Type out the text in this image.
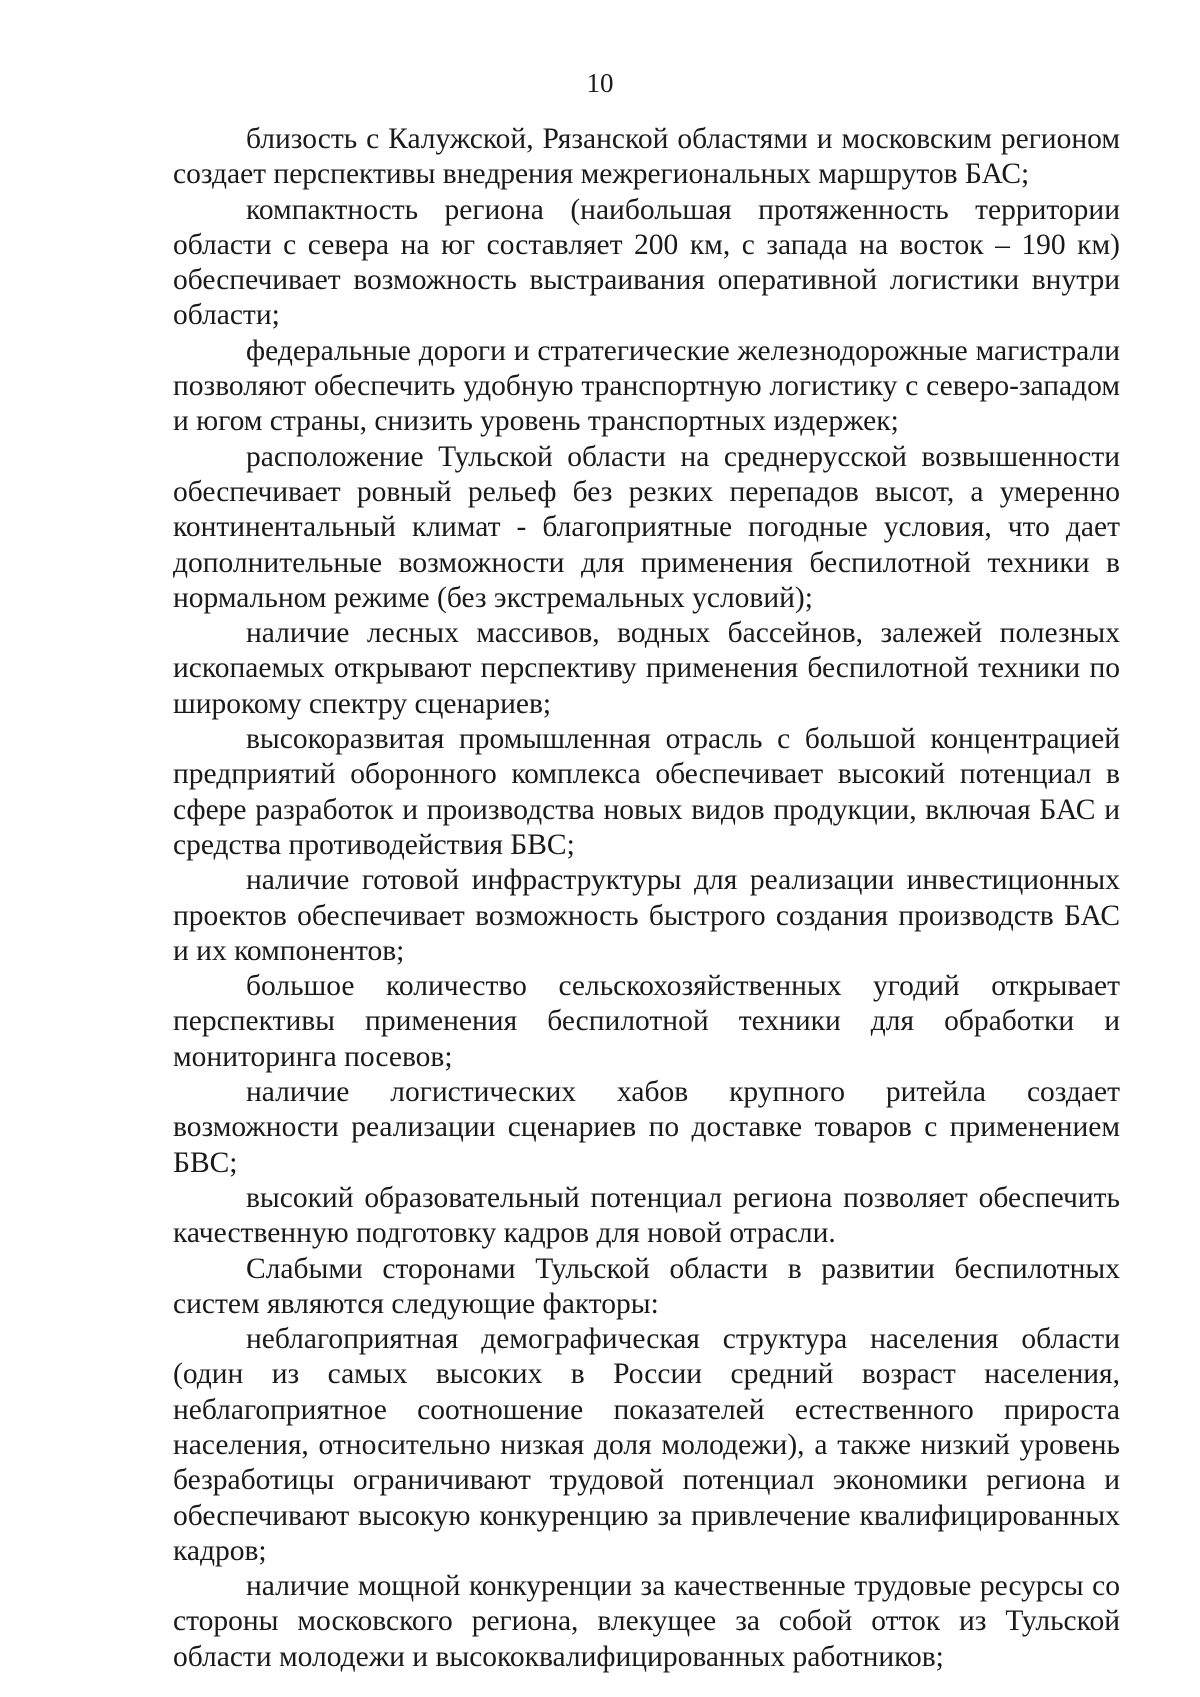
10

близость с Калужской, Рязанской областями и московским регионом создает перспективы внедрения межрегиональных маршрутов БАС;

компактность региона (наибольшая протяженность территории области с севера на юг составляет 200 км, с запада на восток – 190 км) обеспечивает возможность выстраивания оперативной логистики внутри области;

федеральные дороги и стратегические железнодорожные магистрали позволяют обеспечить удобную транспортную логистику с северо-западом и югом страны, снизить уровень транспортных издержек;

расположение Тульской области на среднерусской возвышенности обеспечивает ровный рельеф без резких перепадов высот, а умеренно континентальный климат - благоприятные погодные условия, что дает дополнительные возможности для применения беспилотной техники в нормальном режиме (без экстремальных условий);

наличие лесных массивов, водных бассейнов, залежей полезных ископаемых открывают перспективу применения беспилотной техники по широкому спектру сценариев;

высокоразвитая промышленная отрасль с большой концентрацией предприятий оборонного комплекса обеспечивает высокий потенциал в сфере разработок и производства новых видов продукции, включая БАС и средства противодействия БВС;

наличие готовой инфраструктуры для реализации инвестиционных проектов обеспечивает возможность быстрого создания производств БАС и их компонентов;

большое количество сельскохозяйственных угодий открывает перспективы применения беспилотной техники для обработки и мониторинга посевов;

наличие логистических хабов крупного ритейла создает возможности реализации сценариев по доставке товаров с применением БВС;

высокий образовательный потенциал региона позволяет обеспечить качественную подготовку кадров для новой отрасли.

Слабыми сторонами Тульской области в развитии беспилотных систем являются следующие факторы:

неблагоприятная демографическая структура населения области (один из самых высоких в России средний возраст населения, неблагоприятное соотношение показателей естественного прироста населения, относительно низкая доля молодежи), а также низкий уровень безработицы ограничивают трудовой потенциал экономики региона и обеспечивают высокую конкуренцию за привлечение квалифицированных кадров;

наличие мощной конкуренции за качественные трудовые ресурсы со стороны московского региона, влекущее за собой отток из Тульской области молодежи и высококвалифицированных работников;
